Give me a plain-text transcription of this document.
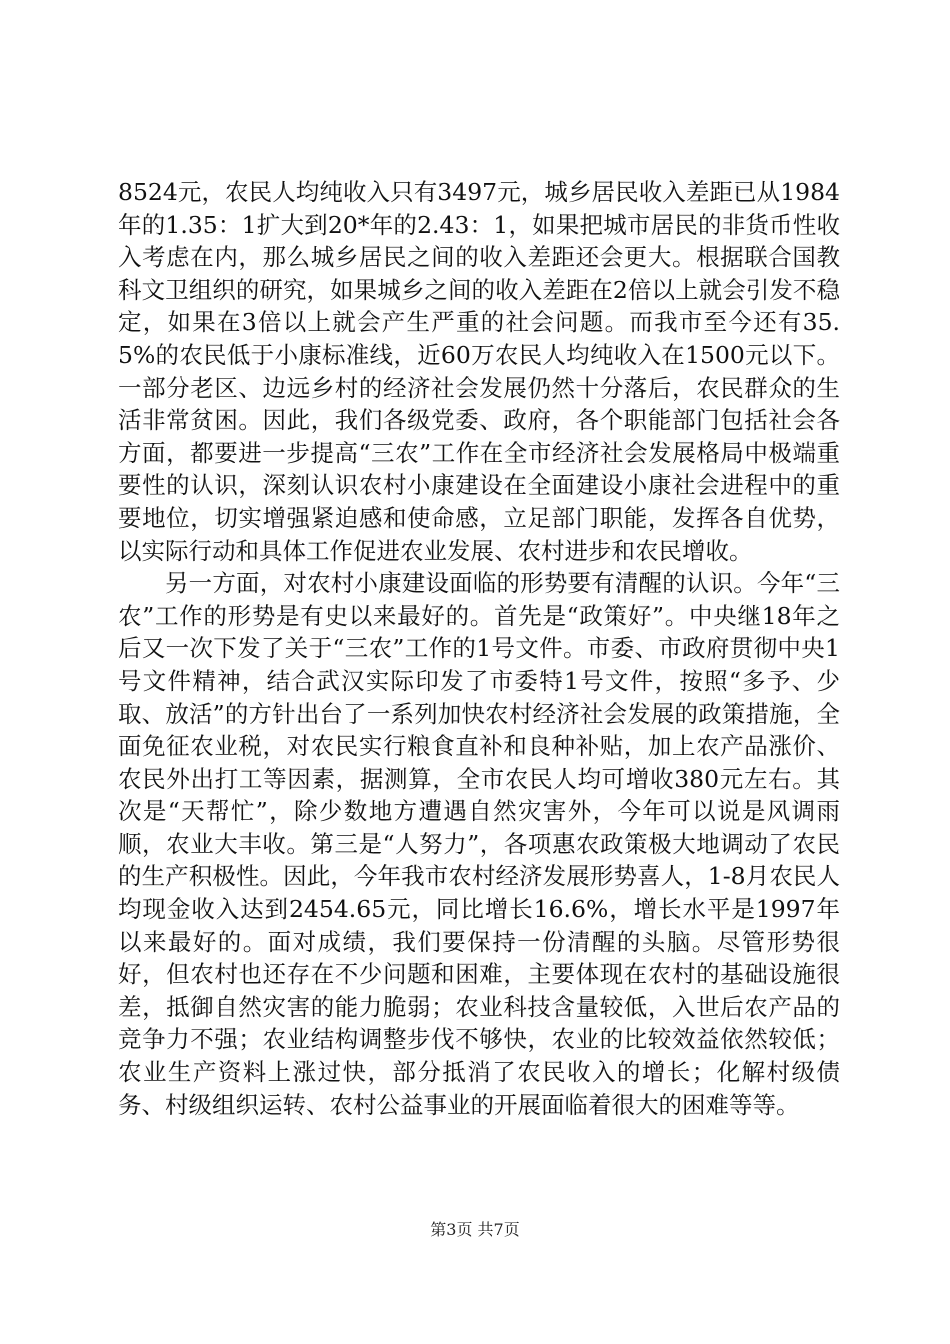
8524元，农民人均纯收入只有3497元，城乡居民收入差距已从1984年的1.35：1扩大到20*年的2.43：1，如果把城市居民的非货币性收入考虑在内，那么城乡居民之间的收入差距还会更大。根据联合国教科文卫组织的研究，如果城乡之间的收入差距在2倍以上就会引发不稳定，如果在3倍以上就会产生严重的社会问题。而我市至今还有35.5%的农民低于小康标准线，近60万农民人均纯收入在1500元以下。一部分老区、边远乡村的经济社会发展仍然十分落后，农民群众的生活非常贫困。因此，我们各级党委、政府，各个职能部门包括社会各方面，都要进一步提高“三农”工作在全市经济社会发展格局中极端重要性的认识，深刻认识农村小康建设在全面建设小康社会进程中的重要地位，切实增强紧迫感和使命感，立足部门职能，发挥各自优势，以实际行动和具体工作促进农业发展、农村进步和农民增收。

另一方面，对农村小康建设面临的形势要有清醒的认识。今年“三农”工作的形势是有史以来最好的。首先是“政策好”。中央继18年之后又一次下发了关于“三农”工作的1号文件。市委、市政府贯彻中央1号文件精神，结合武汉实际印发了市委特1号文件，按照“多予、少取、放活”的方针出台了一系列加快农村经济社会发展的政策措施，全面免征农业税，对农民实行粮食直补和良种补贴，加上农产品涨价、农民外出打工等因素，据测算，全市农民人均可增收380元左右。其次是“天帮忙”，除少数地方遭遇自然灾害外，今年可以说是风调雨顺，农业大丰收。第三是“人努力”，各项惠农政策极大地调动了农民的生产积极性。因此，今年我市农村经济发展形势喜人，1-8月农民人均现金收入达到2454.65元，同比增长16.6%，增长水平是1997年以来最好的。面对成绩，我们要保持一份清醒的头脑。尽管形势很好，但农村也还存在不少问题和困难，主要体现在农村的基础设施很差，抵御自然灾害的能力脆弱；农业科技含量较低，入世后农产品的竞争力不强；农业结构调整步伐不够快，农业的比较效益依然较低；农业生产资料上涨过快，部分抵消了农民收入的增长；化解村级债务、村级组织运转、农村公益事业的开展面临着很大的困难等等。

第3页 共7页
